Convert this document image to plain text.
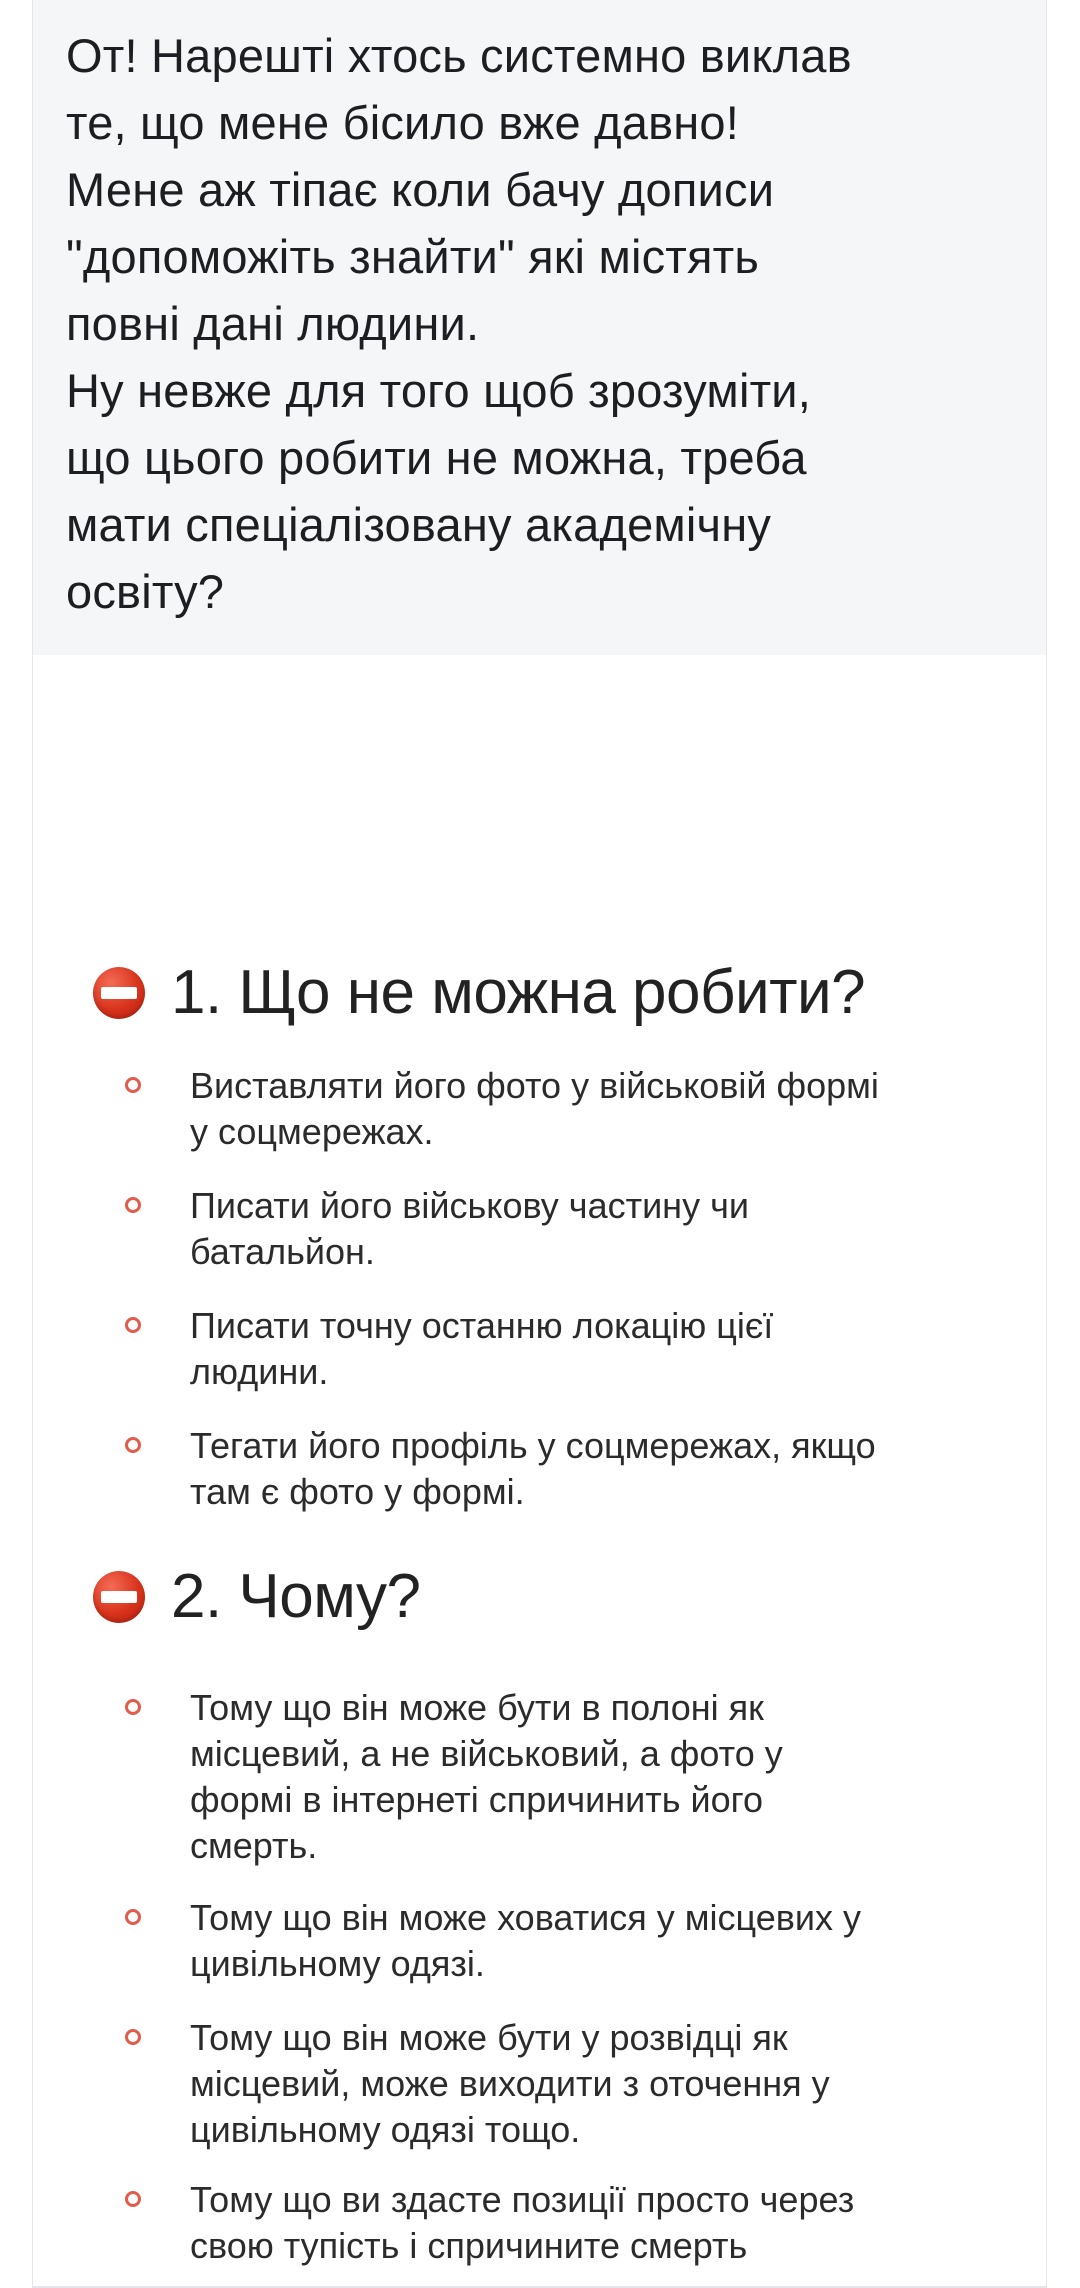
От! Нарешті хтось системно виклав
те, що мене бісило вже давно!
Мене аж тіпає коли бачу дописи
"допоможіть знайти" які містять
повні дані людини.
Ну невже для того щоб зрозуміти,
що цього робити не можна, треба
мати спеціалізовану академічну
освіту?
1. Що не можна робити?
Виставляти його фото у військовій формі
у соцмережах.
Писати його військову частину чи
батальйон.
Писати точну останню локацію цієї
людини.
Тегати його профіль у соцмережах, якщо
там є фото у формі.
2. Чому?
Тому що він може бути в полоні як
місцевий, а не військовий, а фото у
формі в інтернеті спричинить його
смерть.
Тому що він може ховатися у місцевих у
цивільному одязі.
Тому що він може бути у розвідці як
місцевий, може виходити з оточення у
цивільному одязі тощо.
Тому що ви здасте позиції просто через
свою тупість і спричините смерть
